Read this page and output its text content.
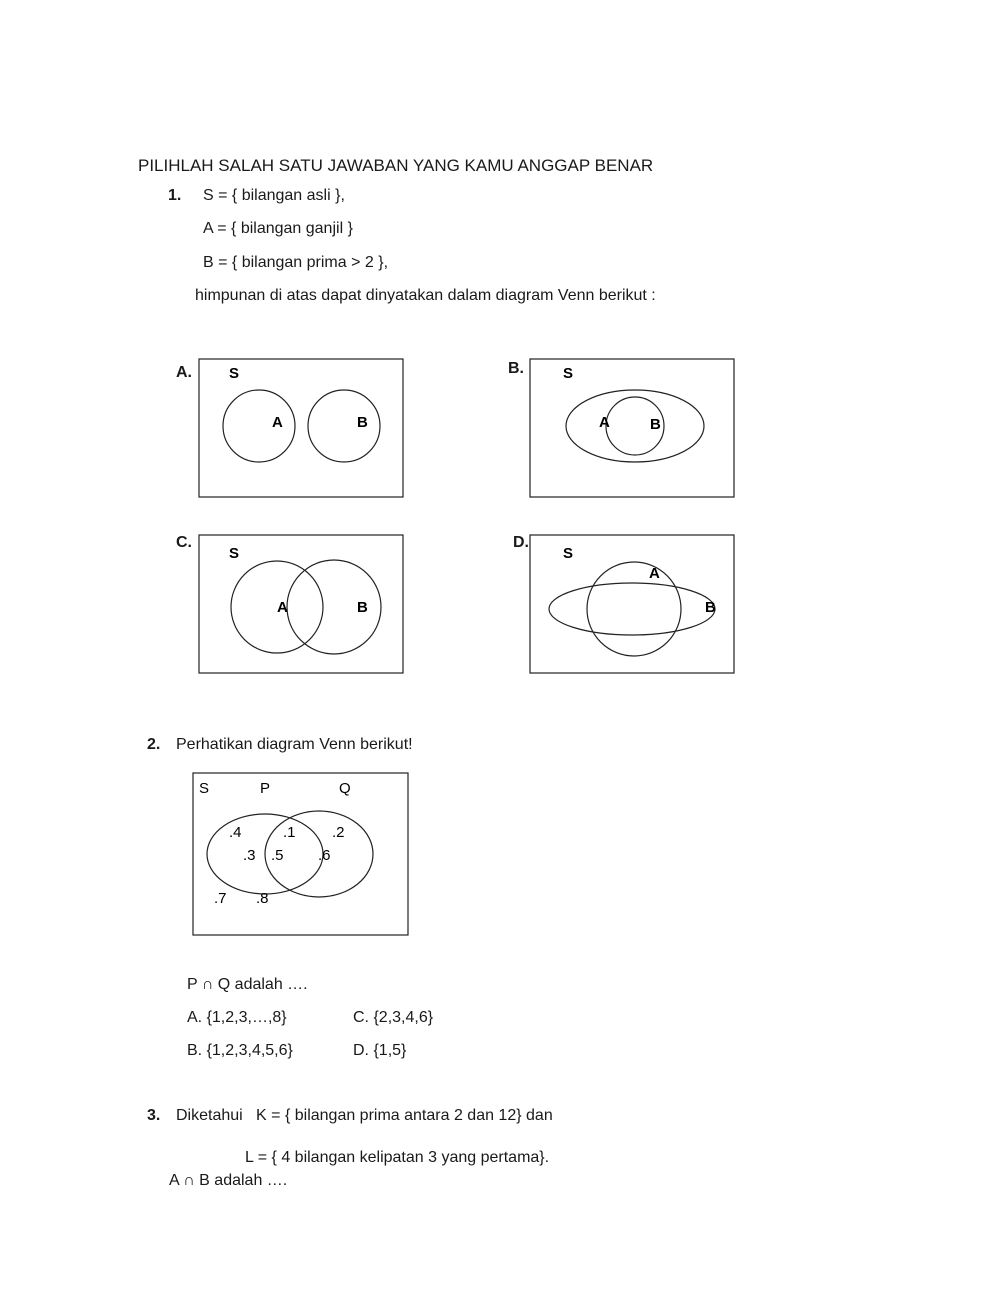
PILIHLAH SALAH SATU JAWABAN YANG KAMU ANGGAP BENAR
1. S = { bilangan asli },
A = { bilangan ganjil }
B = { bilangan prima > 2 },
himpunan di atas dapat dinyatakan dalam diagram Venn berikut :
A. S
A	B
B.	S
A	B
C.
S
A	B
D.
S
A
B
2. Perhatikan diagram Venn berikut!
S	P	Q
.4
.3
.1
.5
.2
.6
.7 .8
P ∩ Q adalah ….
A. {1,2,3,…,8}	C. {2,3,4,6}
B. {1,2,3,4,5,6}	D. {1,5}
3. Diketahui   K = { bilangan prima antara 2 dan 12} dan
L = { 4 bilangan kelipatan 3 yang pertama}.
A ∩ B adalah ….
